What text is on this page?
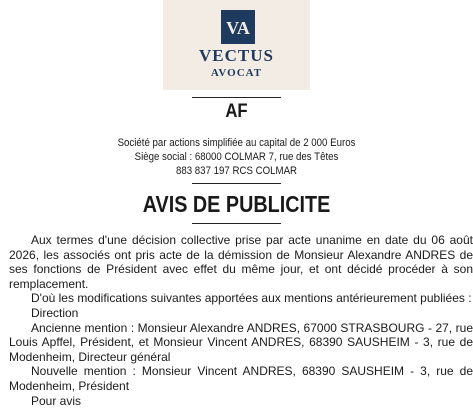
VA
VECTUS
AVOCAT
AF
Société par actions simplifiée au capital de 2 000 Euros
Siège social : 68000 COLMAR 7, rue des Têtes
883 837 197 RCS COLMAR
AVIS DE PUBLICITE

Aux termes d'une décision collective prise par acte unanime en date du 06 août 2026, les associés ont pris acte de la démission de Monsieur Alexandre ANDRES de ses fonctions de Président avec effet du même jour, et ont décidé procéder à son remplacement.

D'où les modifications suivantes apportées aux mentions antérieurement publiées :

Direction

Ancienne mention : Monsieur Alexandre ANDRES, 67000 STRASBOURG - 27, rue Louis Apffel, Président, et Monsieur Vincent ANDRES, 68390 SAUSHEIM - 3, rue de Modenheim, Directeur général

Nouvelle mention : Monsieur Vincent ANDRES, 68390 SAUSHEIM - 3, rue de Modenheim, Président

Pour avis
